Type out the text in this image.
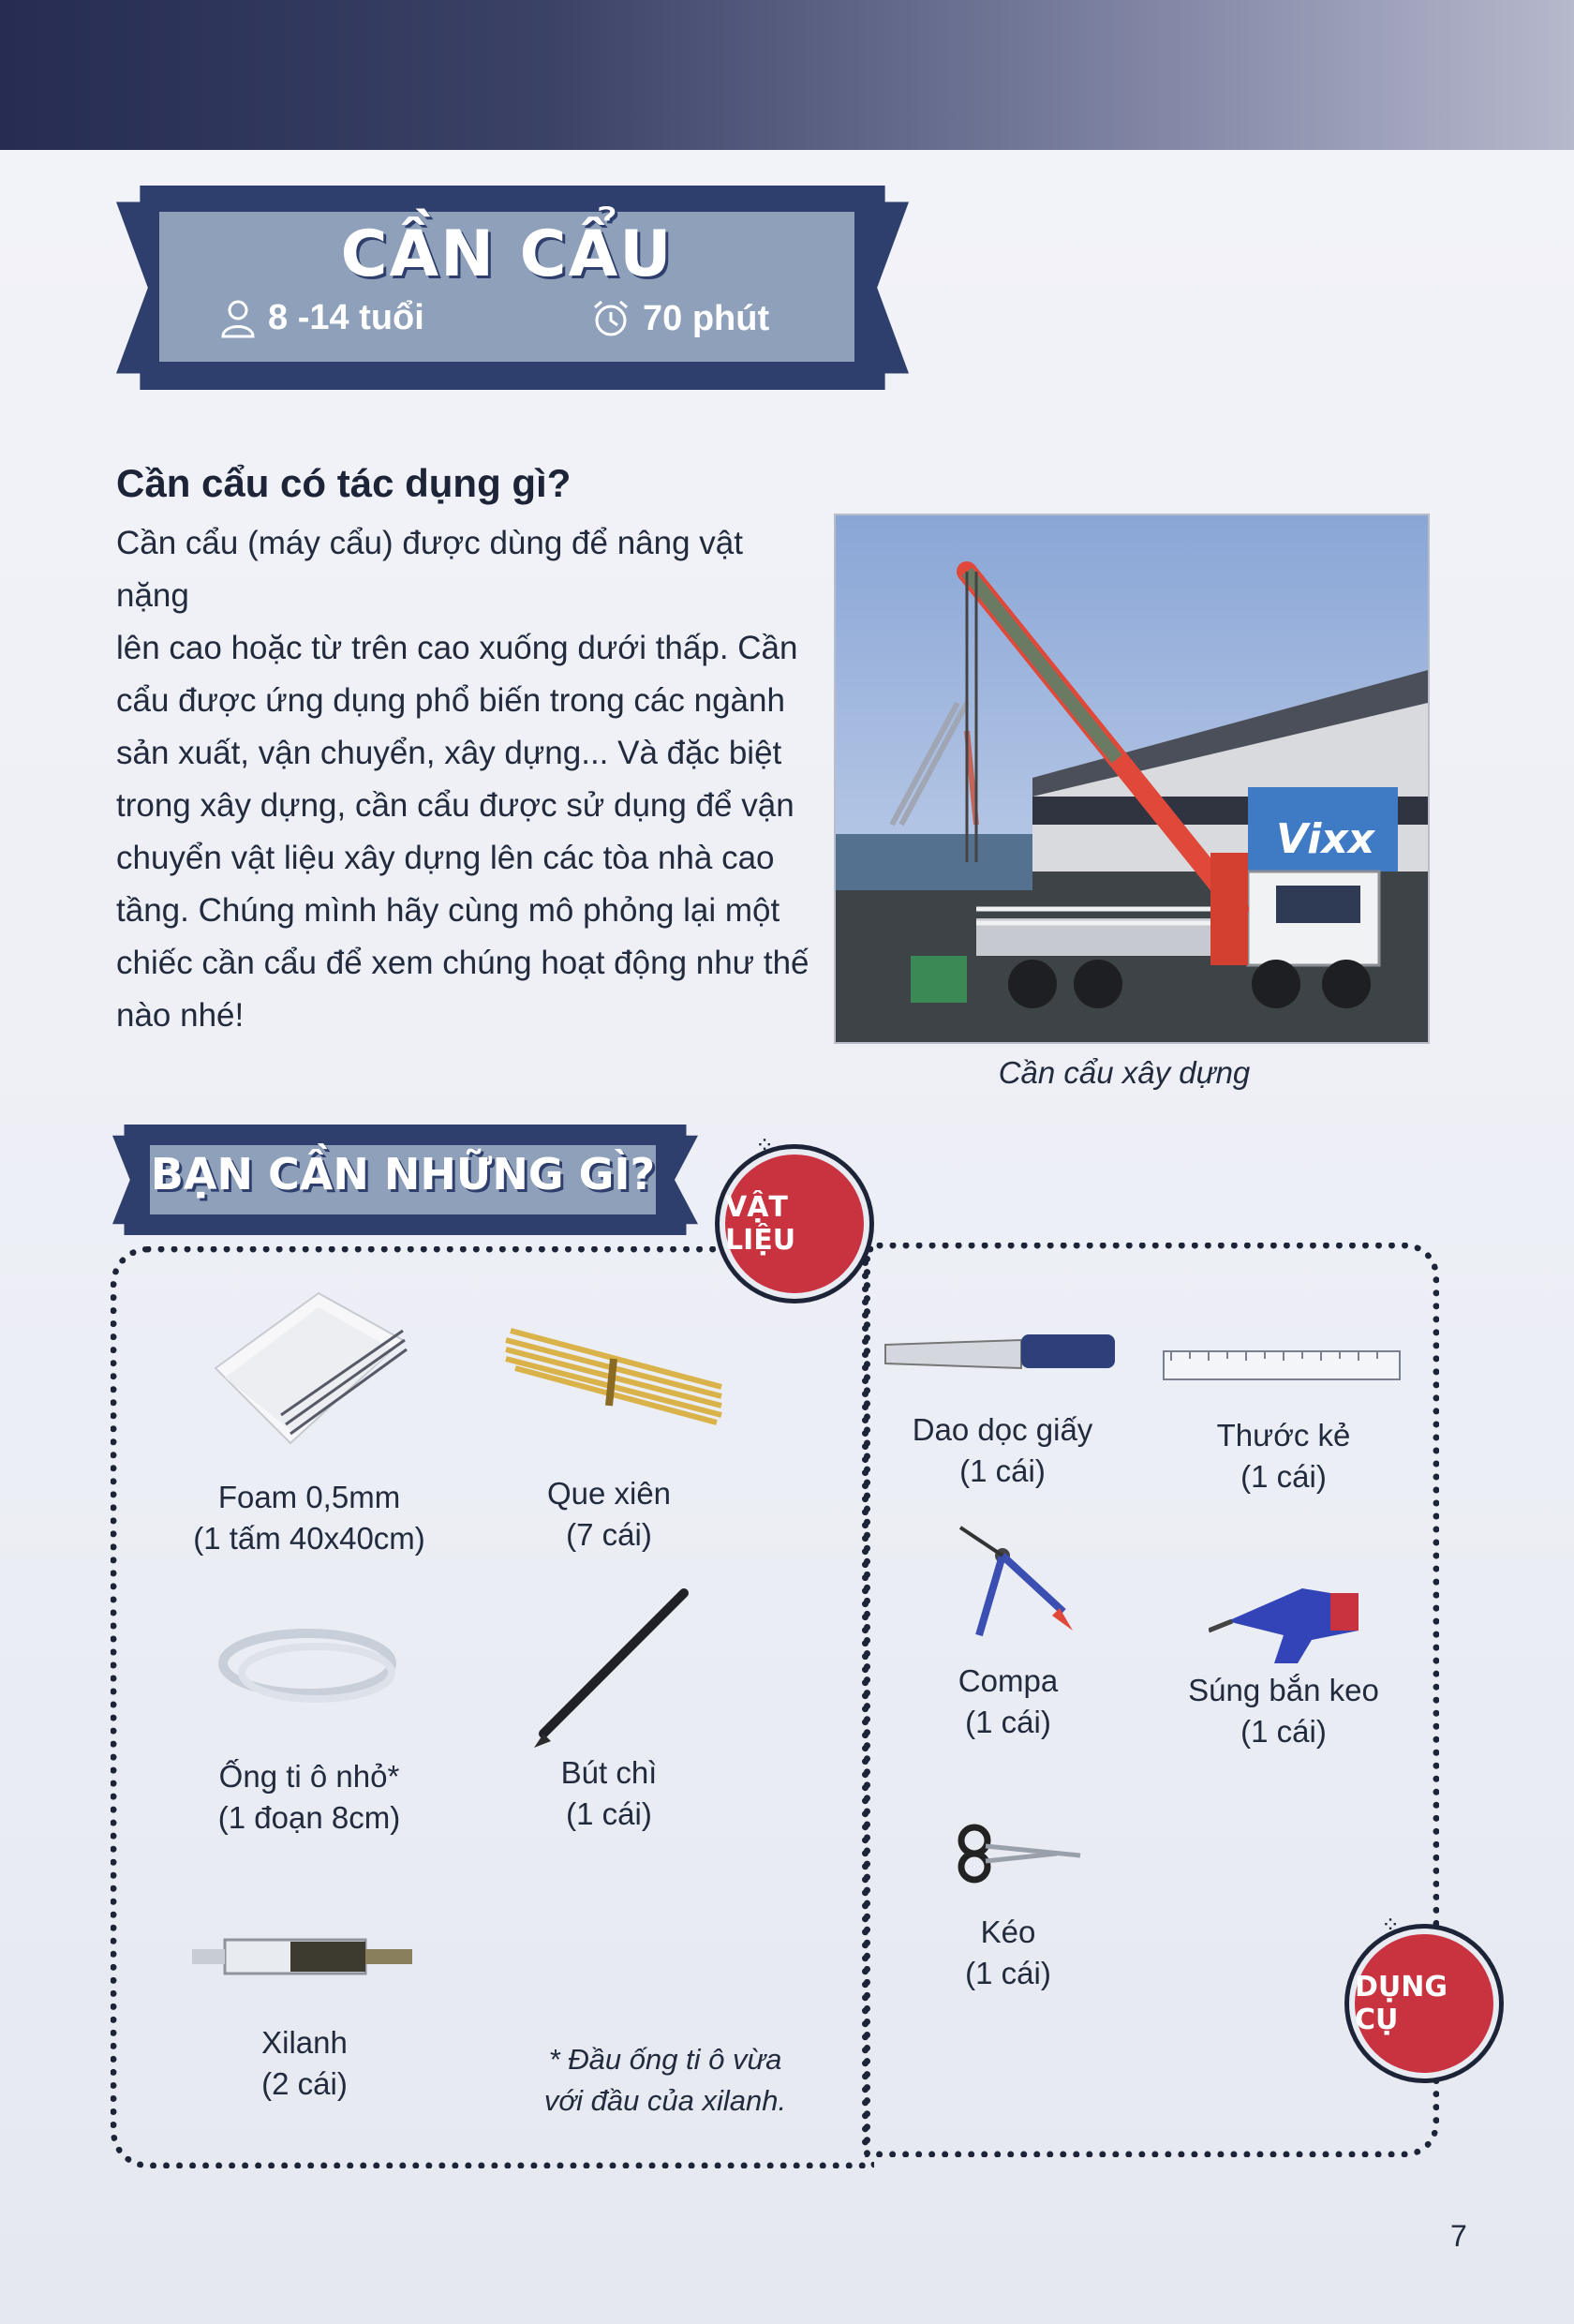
CẦN CẨU
8 -14 tuổi	70 phút
Cần cẩu có tác dụng gì?
Cần cẩu (máy cẩu) được dùng để nâng vật nặng
lên cao hoặc từ trên cao xuống dưới thấp. Cần
cẩu được ứng dụng phổ biến trong các ngành
sản xuất, vận chuyển, xây dựng... Và đặc biệt
trong xây dựng, cần cẩu được sử dụng để vận
chuyển vật liệu xây dựng lên các tòa nhà cao
tầng. Chúng mình hãy cùng mô phỏng lại một
chiếc cần cẩu để xem chúng hoạt động như thế
nào nhé!
Vixx
Cần cẩu xây dựng
BẠN CẦN NHỮNG GÌ?
VẬT LIỆU
⁘
DỤNG CỤ
⁘
Foam 0,5mm
(1 tấm 40x40cm)
Que xiên
(7 cái)
Ống ti ô nhỏ*
(1 đoạn 8cm)
Bút chì
(1 cái)
Xilanh
(2 cái)
* Đầu ống ti ô vừa
với đầu của xilanh.
Dao dọc giấy
(1 cái)
Thước kẻ
(1 cái)
Compa
(1 cái)
Súng bắn keo
(1 cái)
Kéo
(1 cái)
7
